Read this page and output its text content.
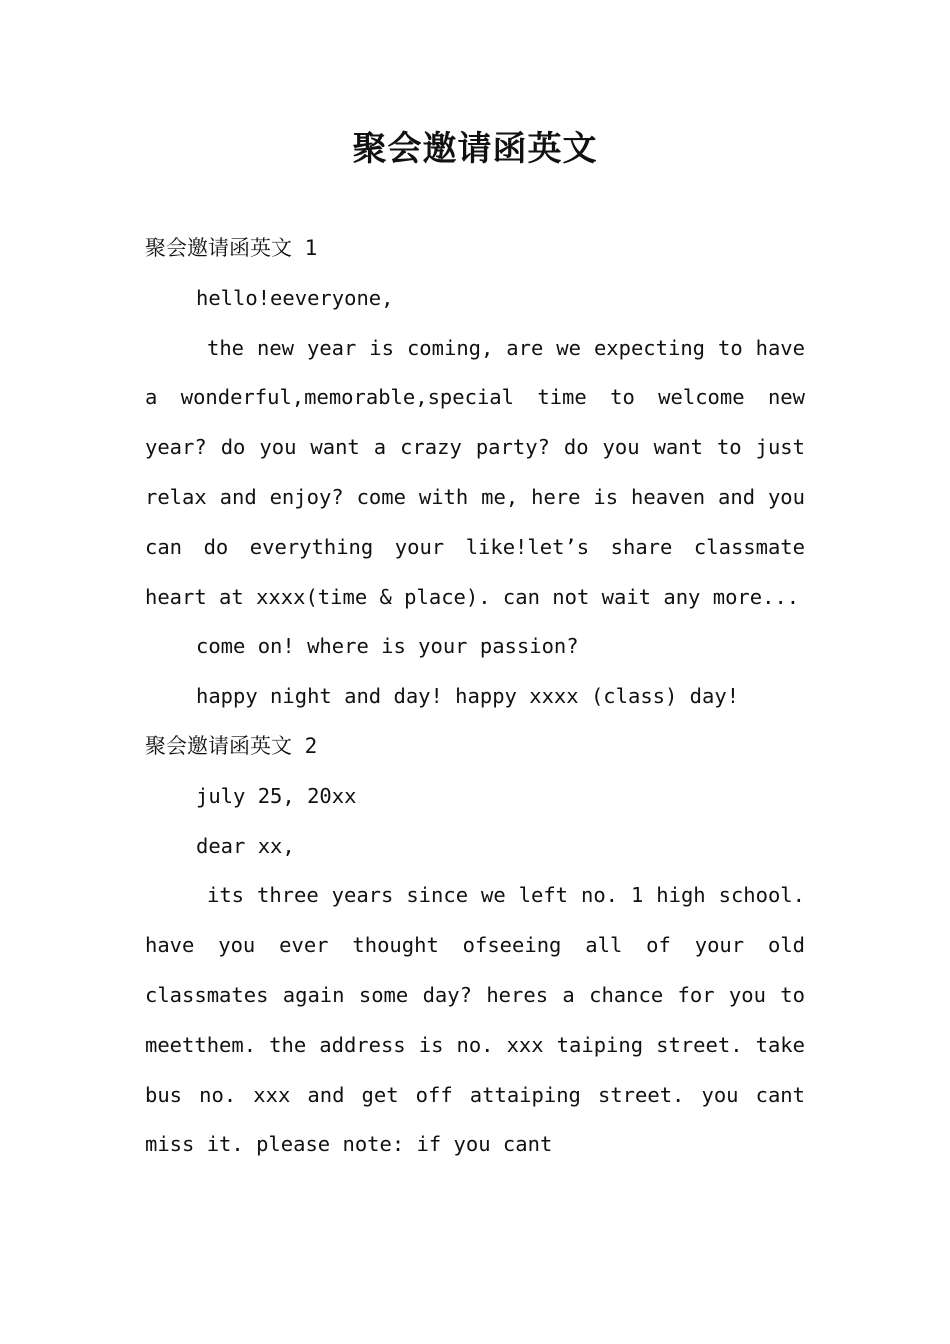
聚会邀请函英文

聚会邀请函英文 1

hello!eeveryone,

the new year is coming, are we expecting to have a wonderful,memorable,special time to welcome new year? do you want a crazy party? do you want to just relax and enjoy? come with me, here is heaven and you can do everything your like!let’s share classmate heart at xxxx(time & place). can not wait any more...

come on! where is your passion?

happy night and day! happy xxxx (class) day!

聚会邀请函英文 2

july 25, 20xx

dear xx,

its three years since we left no. 1 high school. have you ever thought ofseeing all of your old classmates again some day? heres a chance for you to meetthem. the address is no. xxx taiping street. take bus no. xxx and get off attaiping street. you cant miss it. please note: if you cant
